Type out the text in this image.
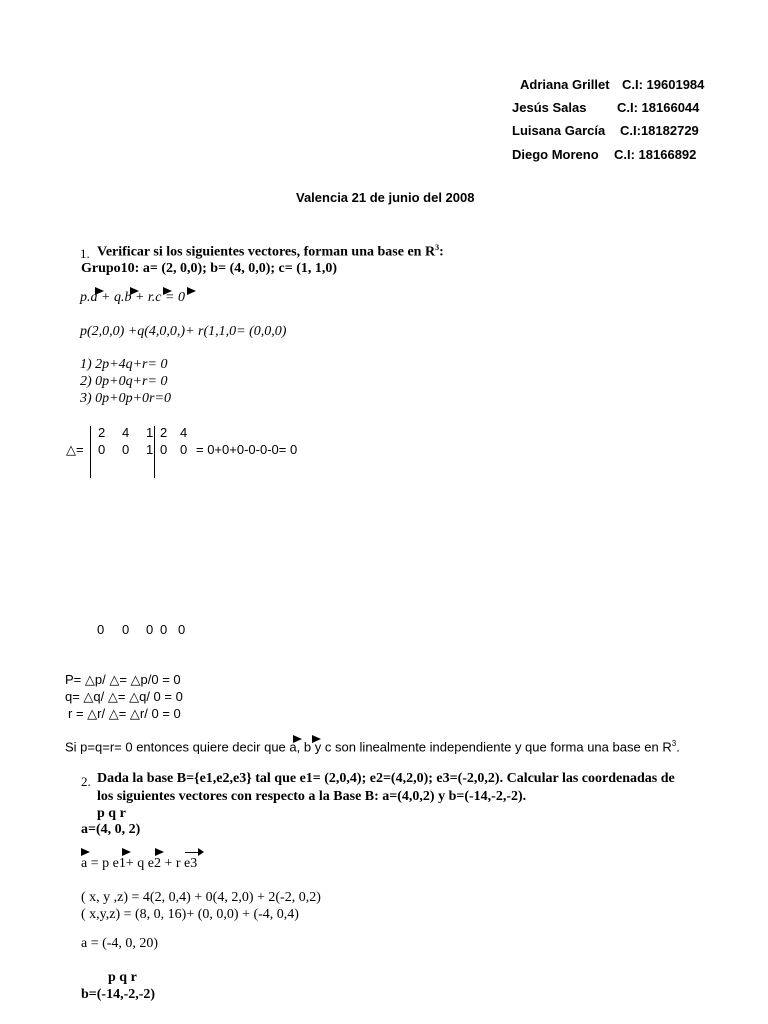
Adriana Grillet C.I: 19601984
Jesús Salas C.I: 18166044
Luisana García C.I:18182729
Diego Moreno C.I: 18166892
Valencia 21 de junio del 2008
1. Verificar si los siguientes vectores, forman una base en $R^3$:
Grupo10: a= (2, 0,0); b= (4, 0,0); c= (1, 1,0)
p.a + q.b + r.c = 0
p(2,0,0) +q(4,0,0,)+ r(1,1,0= (0,0,0)
1) 2p+4q+r= 0
2) 0p+0q+r= 0
3) 0p+0p+0r=0
△=
2 4 1 2 4
0 0 1 0 0 = 0+0+0-0-0-0= 0
0 0 0 0 0
P= △p/ △= △p/0 = 0
q= △q/ △= △q/ 0 = 0
r = △r/ △= △r/ 0 = 0
Si p=q=r= 0 entonces quiere decir que a, b y c son linealmente independiente y que forma una base en $R^3$.
2. Dada la base B={e1,e2,e3} tal que e1= (2,0,4); e2=(4,2,0); e3=(-2,0,2). Calcular las coordenadas de
los siguientes vectores con respecto a la Base B: a=(4,0,2) y b=(-14,-2,-2).
p q r
a=(4, 0, 2)
a = p e1+ q e2 + r e3
( x, y ,z) = 4(2, 0,4) + 0(4, 2,0) + 2(-2, 0,2)
( x,y,z) = (8, 0, 16)+ (0, 0,0) + (-4, 0,4)
a = (-4, 0, 20)
p q r
b=(-14,-2,-2)
